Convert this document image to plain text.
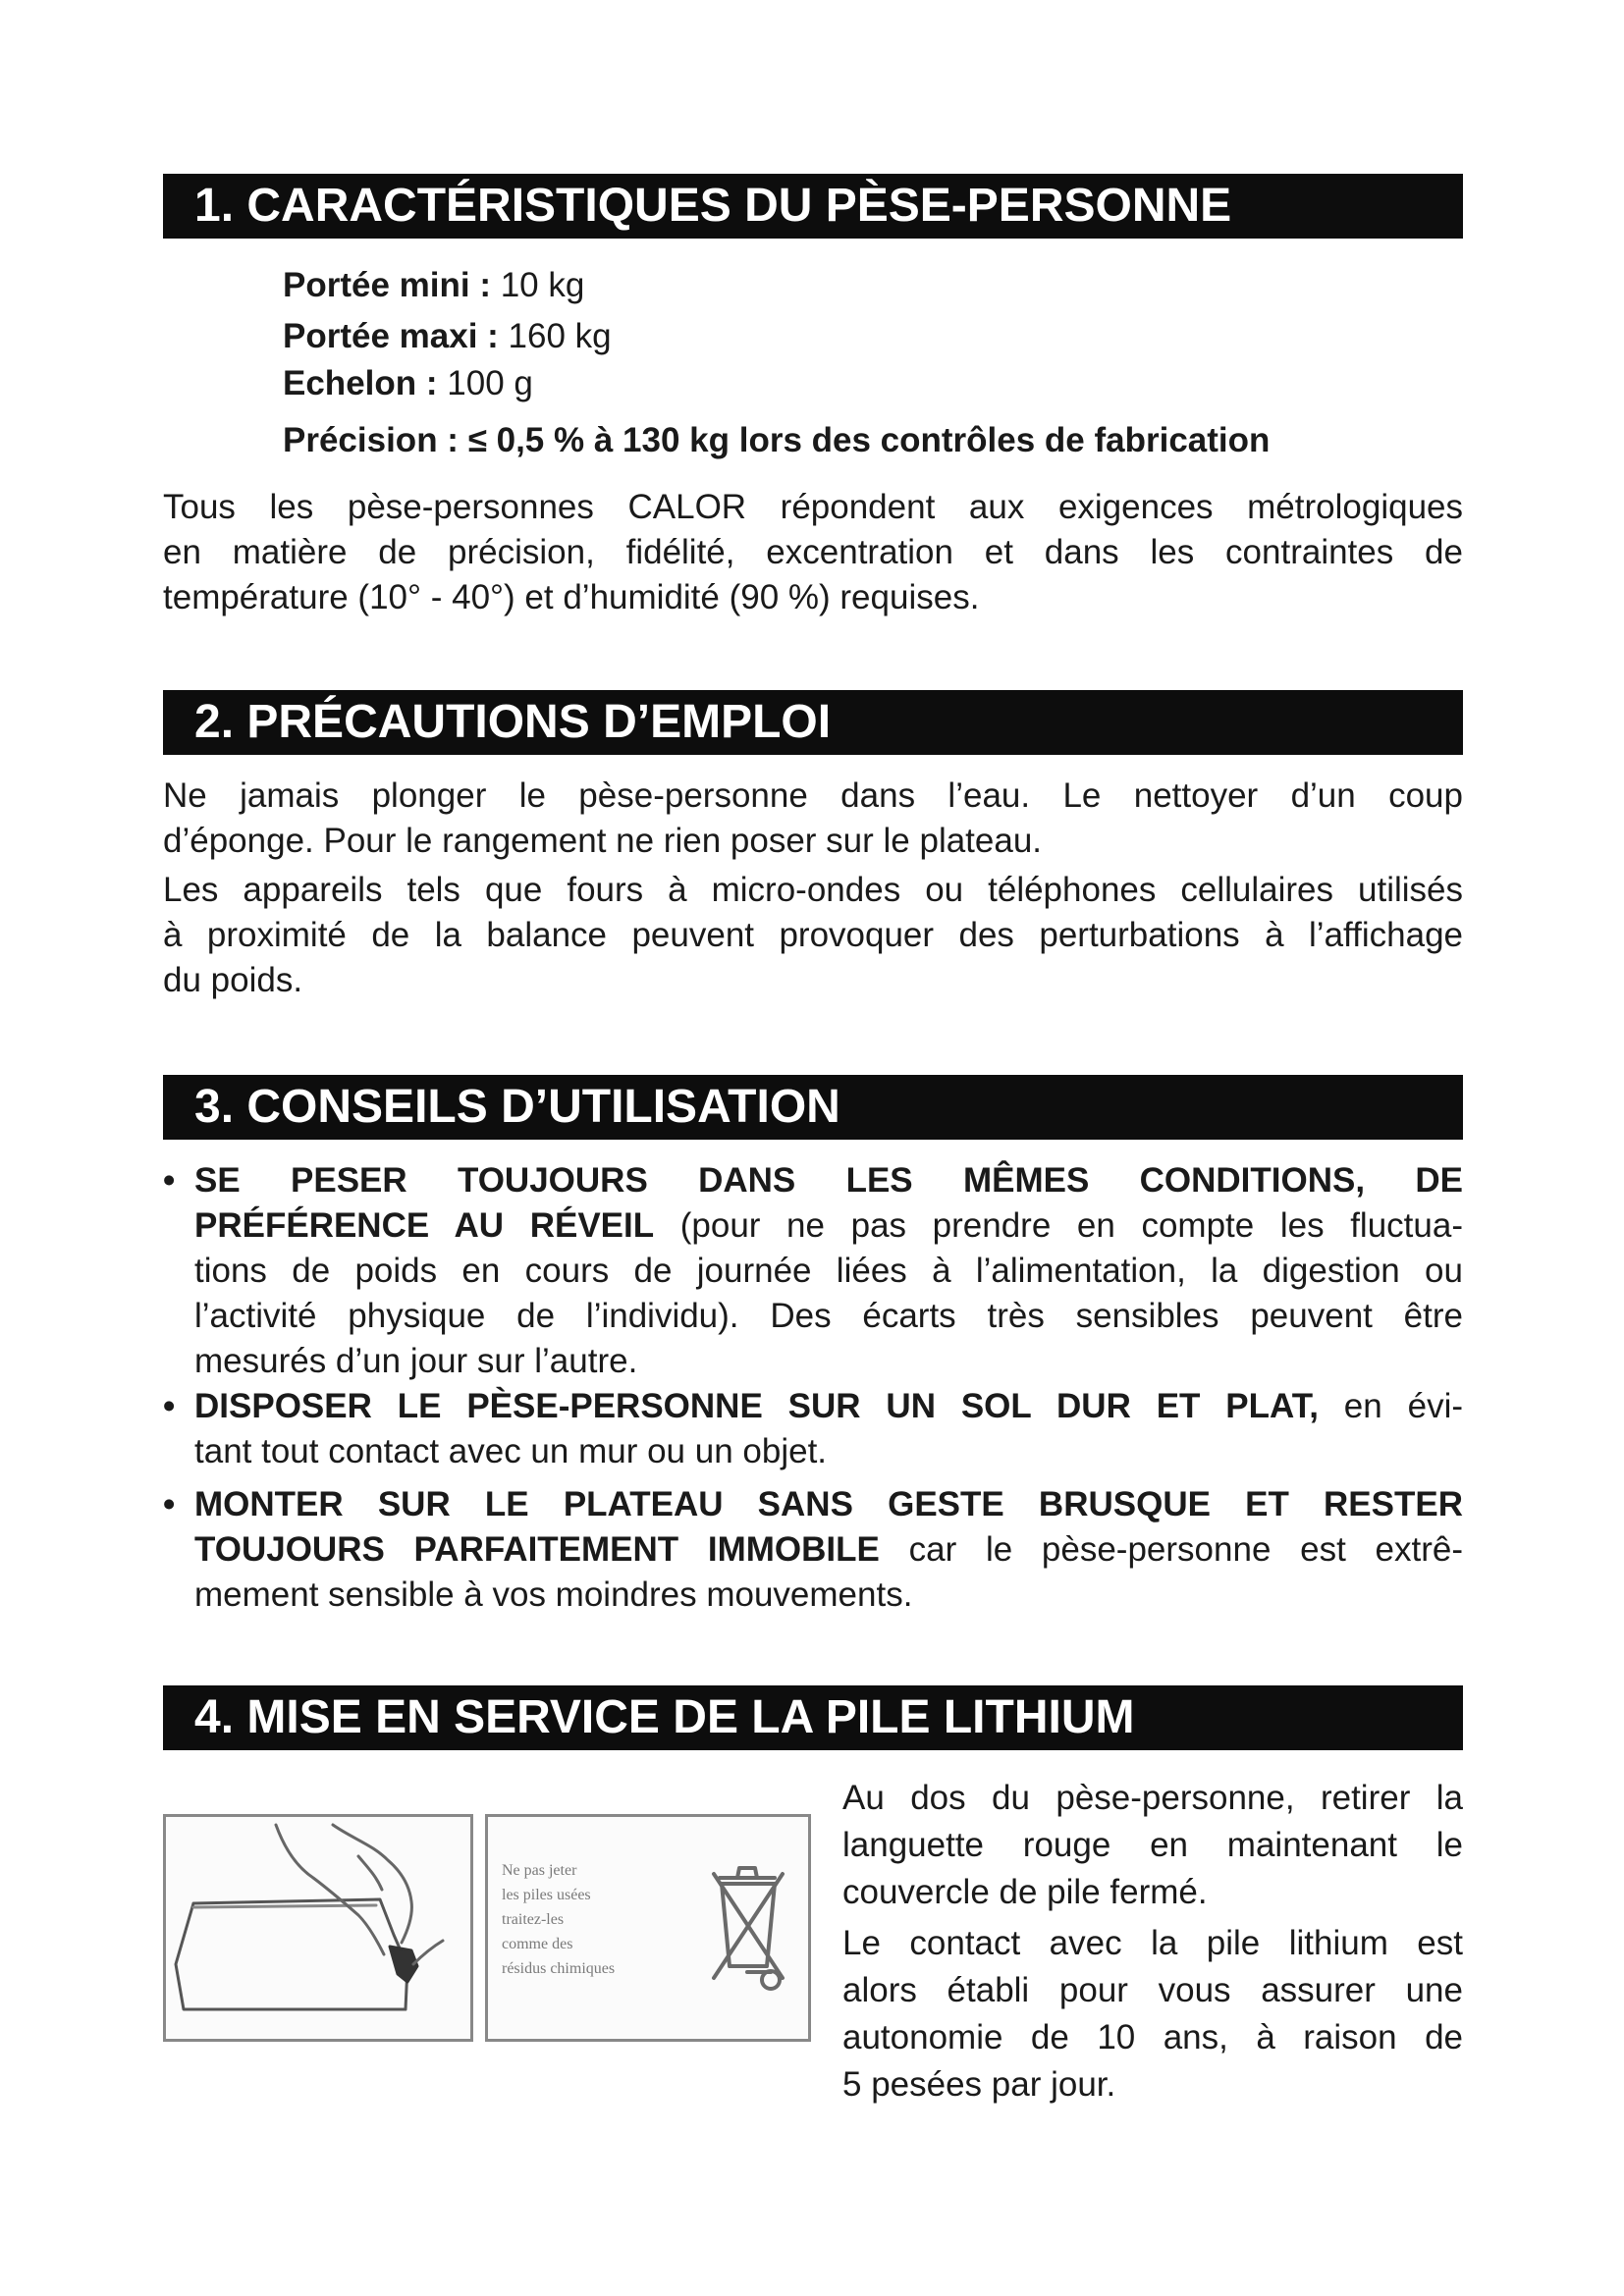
1. CARACTÉRISTIQUES DU PÈSE-PERSONNE
Portée mini : 10 kg
Portée maxi : 160 kg
Echelon : 100 g
Précision : ≤ 0,5 % à 130 kg lors des contrôles de fabrication
Tous les pèse-personnes CALOR répondent aux exigences métrologiques
en matière de précision, fidélité, excentration et dans les contraintes de
température (10° - 40°) et d’humidité (90 %) requises.
2. PRÉCAUTIONS D’EMPLOI
Ne jamais plonger le pèse-personne dans l’eau. Le nettoyer d’un coup
d’éponge. Pour le rangement ne rien poser sur le plateau.
Les appareils tels que fours à micro-ondes ou téléphones cellulaires utilisés
à proximité de la balance peuvent provoquer des perturbations à l’affichage
du poids.
3. CONSEILS D’UTILISATION
• SE PESER TOUJOURS DANS LES MÊMES CONDITIONS, DE
PRÉFÉRENCE AU RÉVEIL (pour ne pas prendre en compte les fluctua-
tions de poids en cours de journée liées à l’alimentation, la digestion ou
l’activité physique de l’individu). Des écarts très sensibles peuvent être
mesurés d’un jour sur l’autre.
• DISPOSER LE PÈSE-PERSONNE SUR UN SOL DUR ET PLAT, en évi-
tant tout contact avec un mur ou un objet.
• MONTER SUR LE PLATEAU SANS GESTE BRUSQUE ET RESTER
TOUJOURS PARFAITEMENT IMMOBILE car le pèse-personne est extrê-
mement sensible à vos moindres mouvements.
4. MISE EN SERVICE DE LA PILE LITHIUM
Ne pas jeter
les piles usées
traitez-les
comme des
résidus chimiques
Au dos du pèse-personne, retirer la
languette rouge en maintenant le
couvercle de pile fermé.
Le contact avec la pile lithium est
alors établi pour vous assurer une
autonomie de 10 ans, à raison de
5 pesées par jour.
